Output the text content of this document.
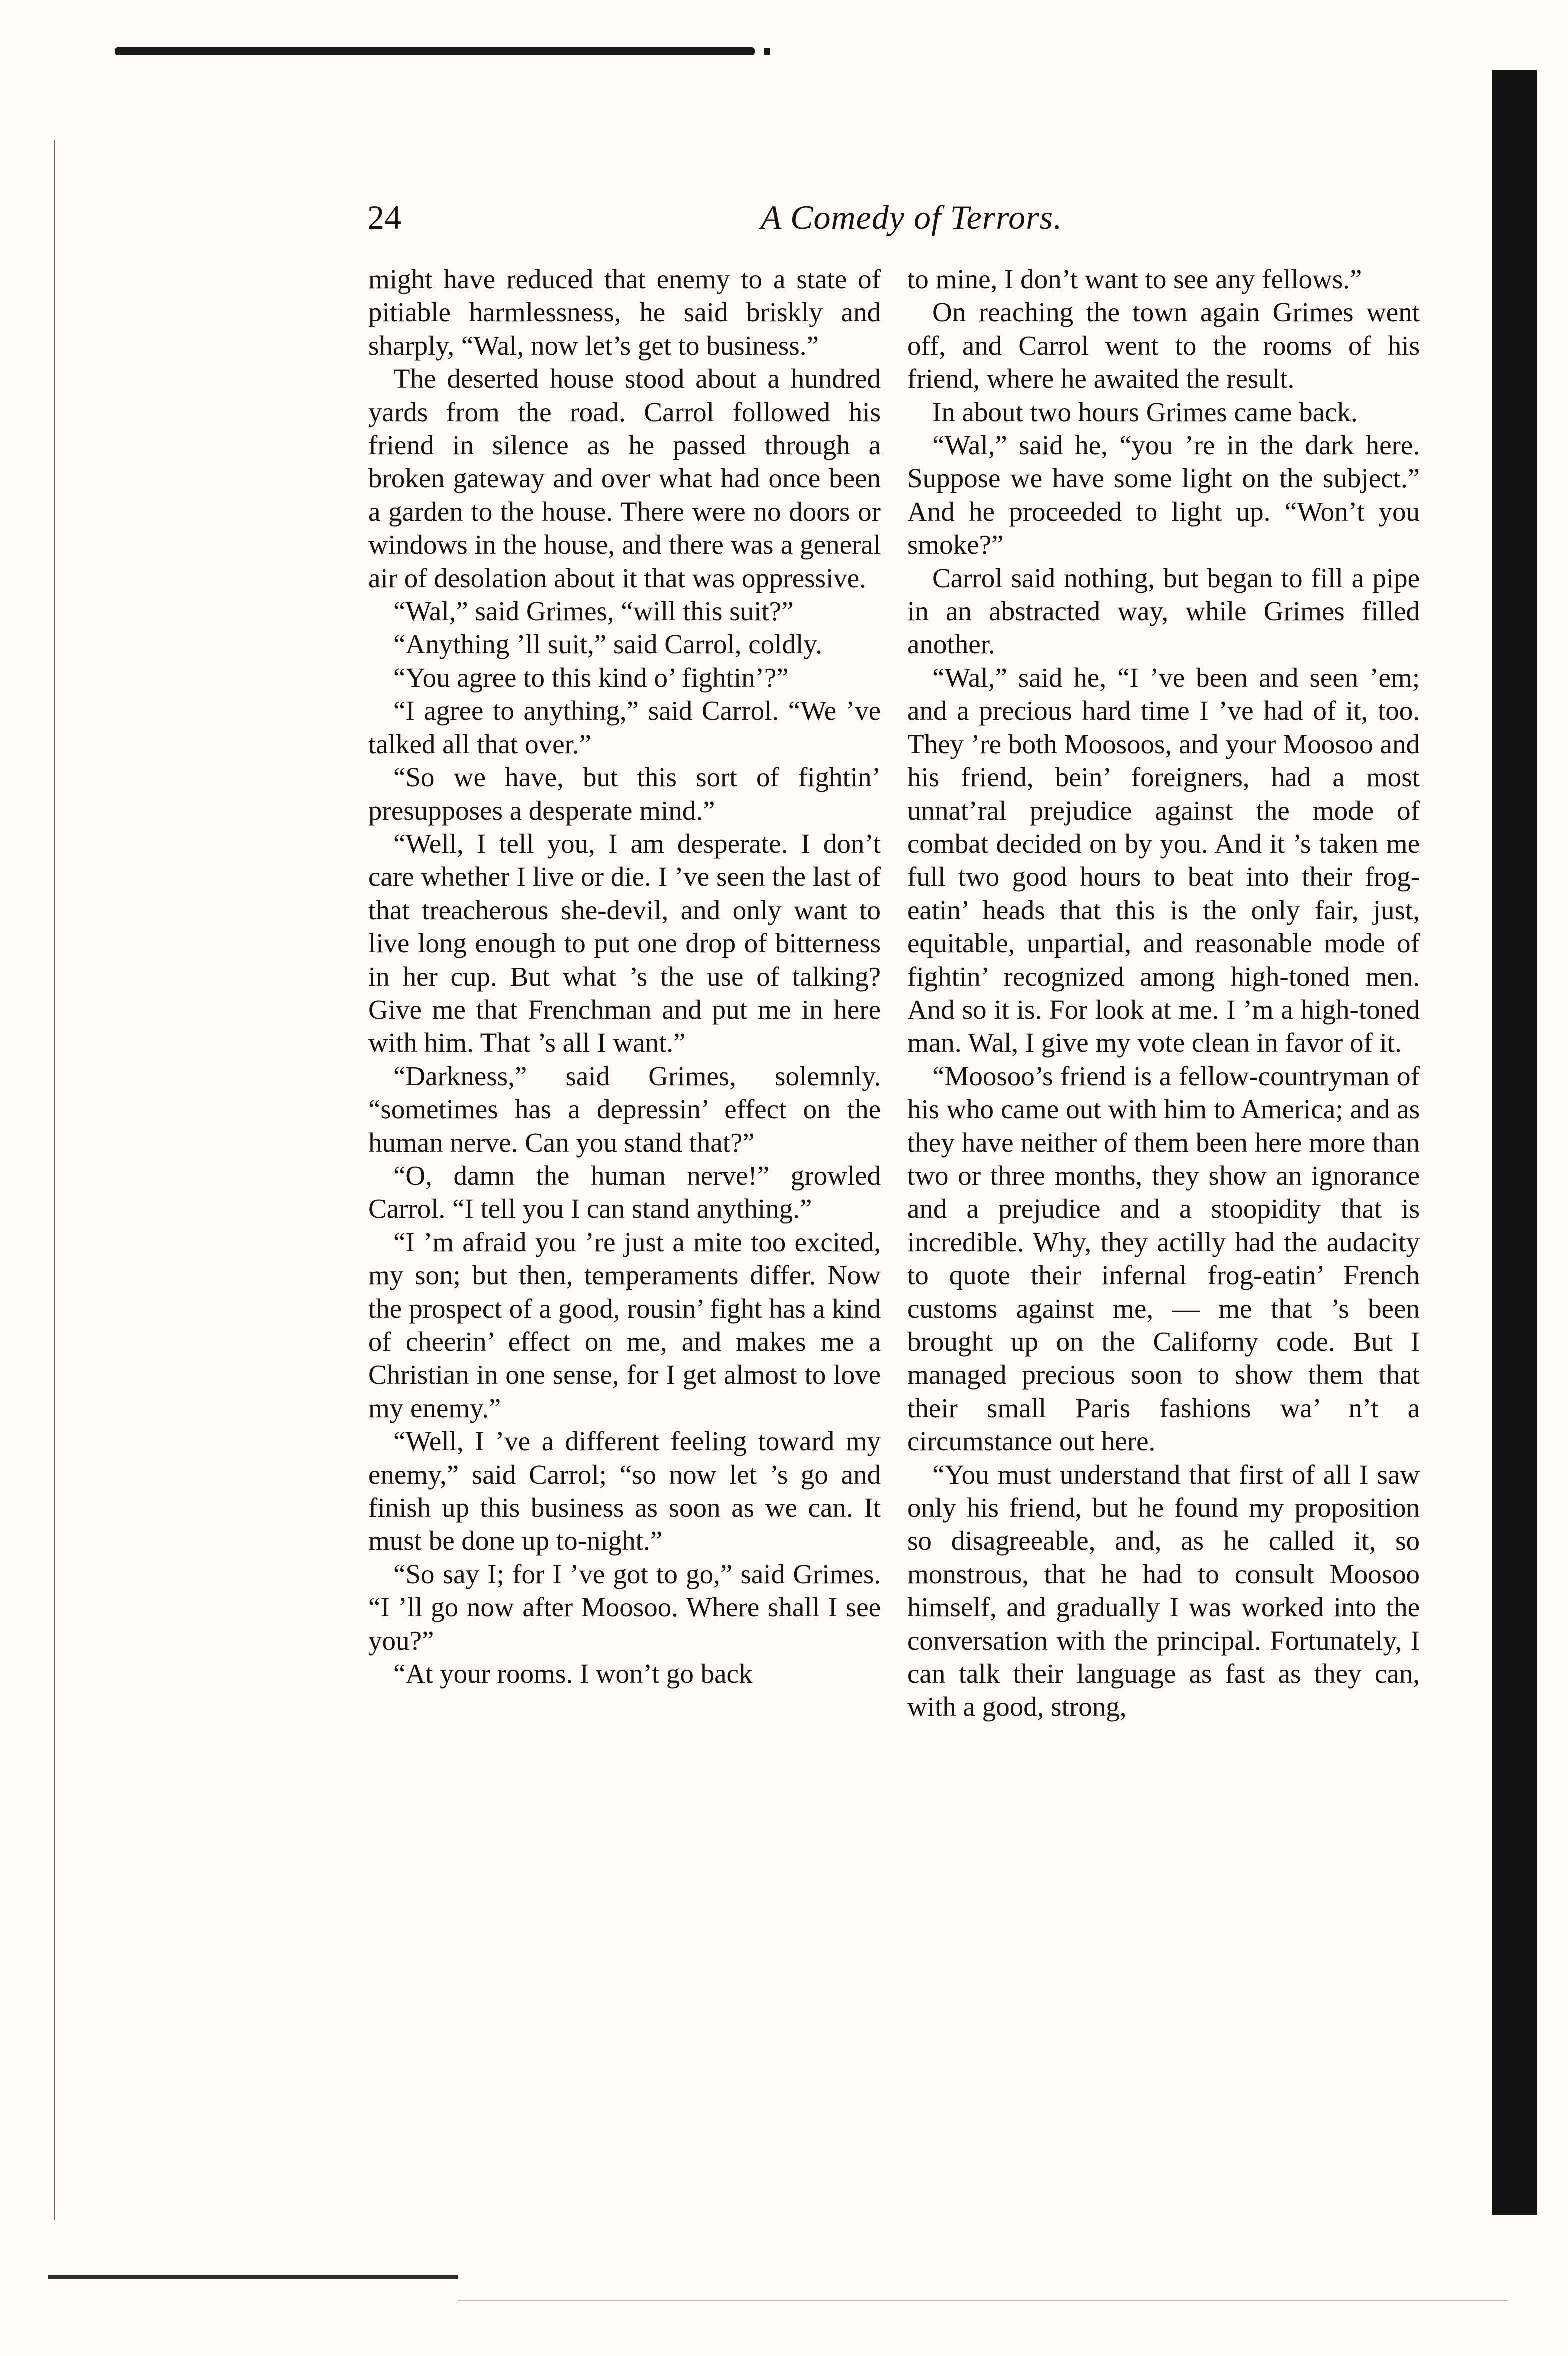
24	A Comedy of Terrors.

might have reduced that enemy to a state of pitiable harmlessness, he said briskly and sharply, “Wal, now let’s get to business.”

The deserted house stood about a hundred yards from the road. Carrol followed his friend in silence as he passed through a broken gateway and over what had once been a garden to the house. There were no doors or windows in the house, and there was a general air of desolation about it that was oppressive.

“Wal,” said Grimes, “will this suit?”

“Anything ’ll suit,” said Carrol, coldly.

“You agree to this kind o’ fightin’?”

“I agree to anything,” said Carrol. “We ’ve talked all that over.”

“So we have, but this sort of fightin’ presupposes a desperate mind.”

“Well, I tell you, I am desperate. I don’t care whether I live or die. I ’ve seen the last of that treacherous she-devil, and only want to live long enough to put one drop of bitterness in her cup. But what ’s the use of talking? Give me that Frenchman and put me in here with him. That ’s all I want.”

“Darkness,” said Grimes, solemnly. “sometimes has a depressin’ effect on the human nerve. Can you stand that?”

“O, damn the human nerve!” growled Carrol. “I tell you I can stand anything.”

“I ’m afraid you ’re just a mite too excited, my son; but then, temperaments differ. Now the prospect of a good, rousin’ fight has a kind of cheerin’ effect on me, and makes me a Christian in one sense, for I get almost to love my enemy.”

“Well, I ’ve a different feeling toward my enemy,” said Carrol; “so now let ’s go and finish up this business as soon as we can. It must be done up to-night.”

“So say I; for I ’ve got to go,” said Grimes. “I ’ll go now after Moosoo. Where shall I see you?”

“At your rooms. I won’t go back

to mine, I don’t want to see any fellows.”

On reaching the town again Grimes went off, and Carrol went to the rooms of his friend, where he awaited the result.

In about two hours Grimes came back.

“Wal,” said he, “you ’re in the dark here. Suppose we have some light on the subject.” And he proceeded to light up. “Won’t you smoke?”

Carrol said nothing, but began to fill a pipe in an abstracted way, while Grimes filled another.

“Wal,” said he, “I ’ve been and seen ’em; and a precious hard time I ’ve had of it, too. They ’re both Moosoos, and your Moosoo and his friend, bein’ foreigners, had a most unnat’ral prejudice against the mode of combat decided on by you. And it ’s taken me full two good hours to beat into their frog-eatin’ heads that this is the only fair, just, equitable, unpartial, and reasonable mode of fightin’ recognized among high-toned men. And so it is. For look at me. I ’m a high-toned man. Wal, I give my vote clean in favor of it.

“Moosoo’s friend is a fellow-countryman of his who came out with him to America; and as they have neither of them been here more than two or three months, they show an ignorance and a prejudice and a stoopidity that is incredible. Why, they actilly had the audacity to quote their infernal frog-eatin’ French customs against me, — me that ’s been brought up on the Californy code. But I managed precious soon to show them that their small Paris fashions wa’ n’t a circumstance out here.

“You must understand that first of all I saw only his friend, but he found my proposition so disagreeable, and, as he called it, so monstrous, that he had to consult Moosoo himself, and gradually I was worked into the conversation with the principal. Fortunately, I can talk their language as fast as they can, with a good, strong,
